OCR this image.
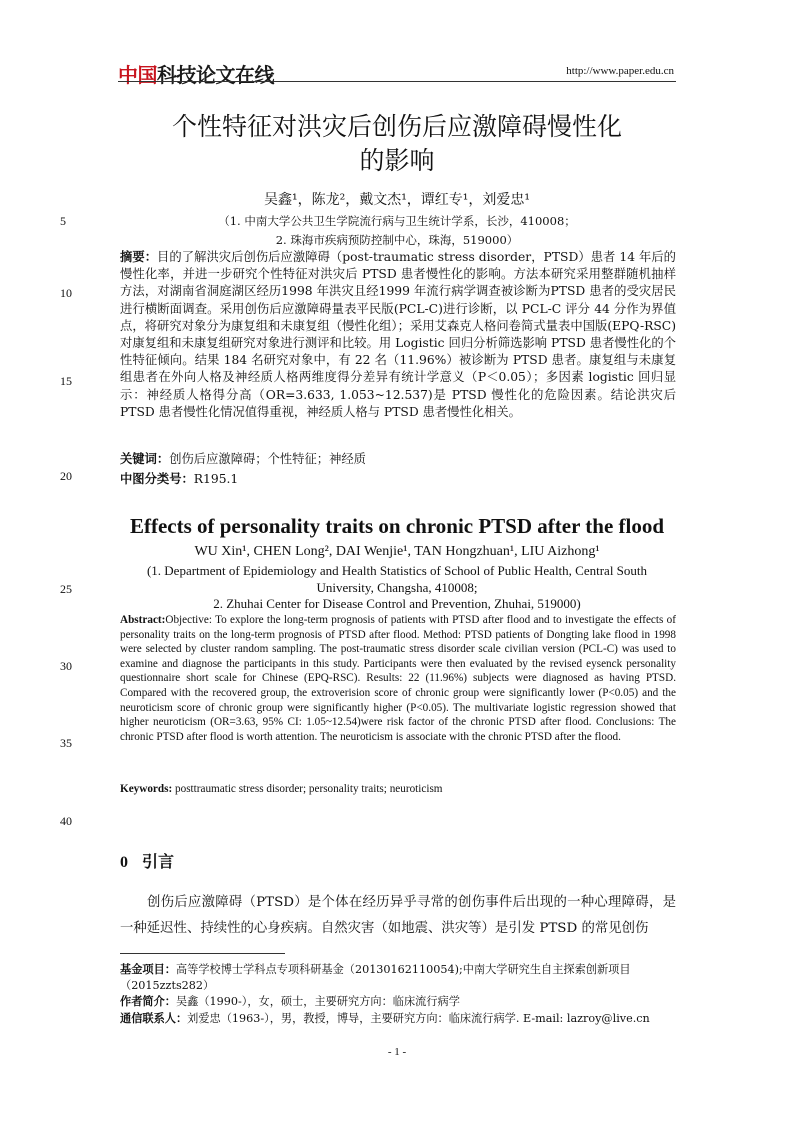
中国科技论文在线	http://www.paper.edu.cn
5
10
15
20
25
30
35
40
个性特征对洪灾后创伤后应激障碍慢性化
的影响
吴鑫¹，陈龙²，戴文杰¹，谭红专¹，刘爱忠¹
（1. 中南大学公共卫生学院流行病与卫生统计学系，长沙，410008；
2. 珠海市疾病预防控制中心，珠海，519000）
摘要：目的了解洪灾后创伤后应激障碍（post-traumatic stress disorder，PTSD）患者 14 年后的慢性化率，并进一步研究个性特征对洪灾后 PTSD 患者慢性化的影响。方法本研究采用整群随机抽样方法，对湖南省洞庭湖区经历1998 年洪灾且经1999 年流行病学调查被诊断为PTSD 患者的受灾居民进行横断面调查。采用创伤后应激障碍量表平民版(PCL-C)进行诊断，以 PCL-C 评分 44 分作为界值点，将研究对象分为康复组和未康复组（慢性化组）；采用艾森克人格问卷简式量表中国版(EPQ-RSC)对康复组和未康复组研究对象进行测评和比较。用 Logistic 回归分析筛选影响 PTSD 患者慢性化的个性特征倾向。结果 184 名研究对象中，有 22 名（11.96%）被诊断为 PTSD 患者。康复组与未康复组患者在外向人格及神经质人格两维度得分差异有统计学意义（P＜0.05）；多因素 logistic 回归显示：神经质人格得分高（OR=3.633, 1.053~12.537)是 PTSD 慢性化的危险因素。结论洪灾后 PTSD 患者慢性化情况值得重视，神经质人格与 PTSD 患者慢性化相关。
关键词：创伤后应激障碍；个性特征；神经质
中图分类号：R195.1
Effects of personality traits on chronic PTSD after the flood
WU Xin¹, CHEN Long², DAI Wenjie¹, TAN Hongzhuan¹, LIU Aizhong¹
(1. Department of Epidemiology and Health Statistics of School of Public Health, Central South University, Changsha, 410008;
2. Zhuhai Center for Disease Control and Prevention, Zhuhai, 519000)
Abstract:Objective: To explore the long-term prognosis of patients with PTSD after flood and to investigate the effects of personality traits on the long-term prognosis of PTSD after flood. Method: PTSD patients of Dongting lake flood in 1998 were selected by cluster random sampling. The post-traumatic stress disorder scale civilian version (PCL-C) was used to examine and diagnose the participants in this study. Participants were then evaluated by the revised eysenck personality questionnaire short scale for Chinese (EPQ-RSC). Results: 22 (11.96%) subjects were diagnosed as having PTSD. Compared with the recovered group, the extroverision score of chronic group were significantly lower (P<0.05) and the neuroticism score of chronic group were significantly higher (P<0.05). The multivariate logistic regression showed that higher neuroticism (OR=3.63, 95% CI: 1.05~12.54)were risk factor of the chronic PTSD after flood. Conclusions: The chronic PTSD after flood is worth attention. The neuroticism is associate with the chronic PTSD after the flood.
Keywords: posttraumatic stress disorder; personality traits; neuroticism
0 引言
创伤后应激障碍（PTSD）是个体在经历异乎寻常的创伤事件后出现的一种心理障碍，是一种延迟性、持续性的心身疾病。自然灾害（如地震、洪灾等）是引发 PTSD 的常见创伤
基金项目：高等学校博士学科点专项科研基金（20130162110054);中南大学研究生自主探索创新项目（2015zzts282）
作者简介：吴鑫（1990-），女，硕士，主要研究方向：临床流行病学
通信联系人：刘爱忠（1963-），男，教授，博导，主要研究方向：临床流行病学. E-mail: lazroy@live.cn
- 1 -
